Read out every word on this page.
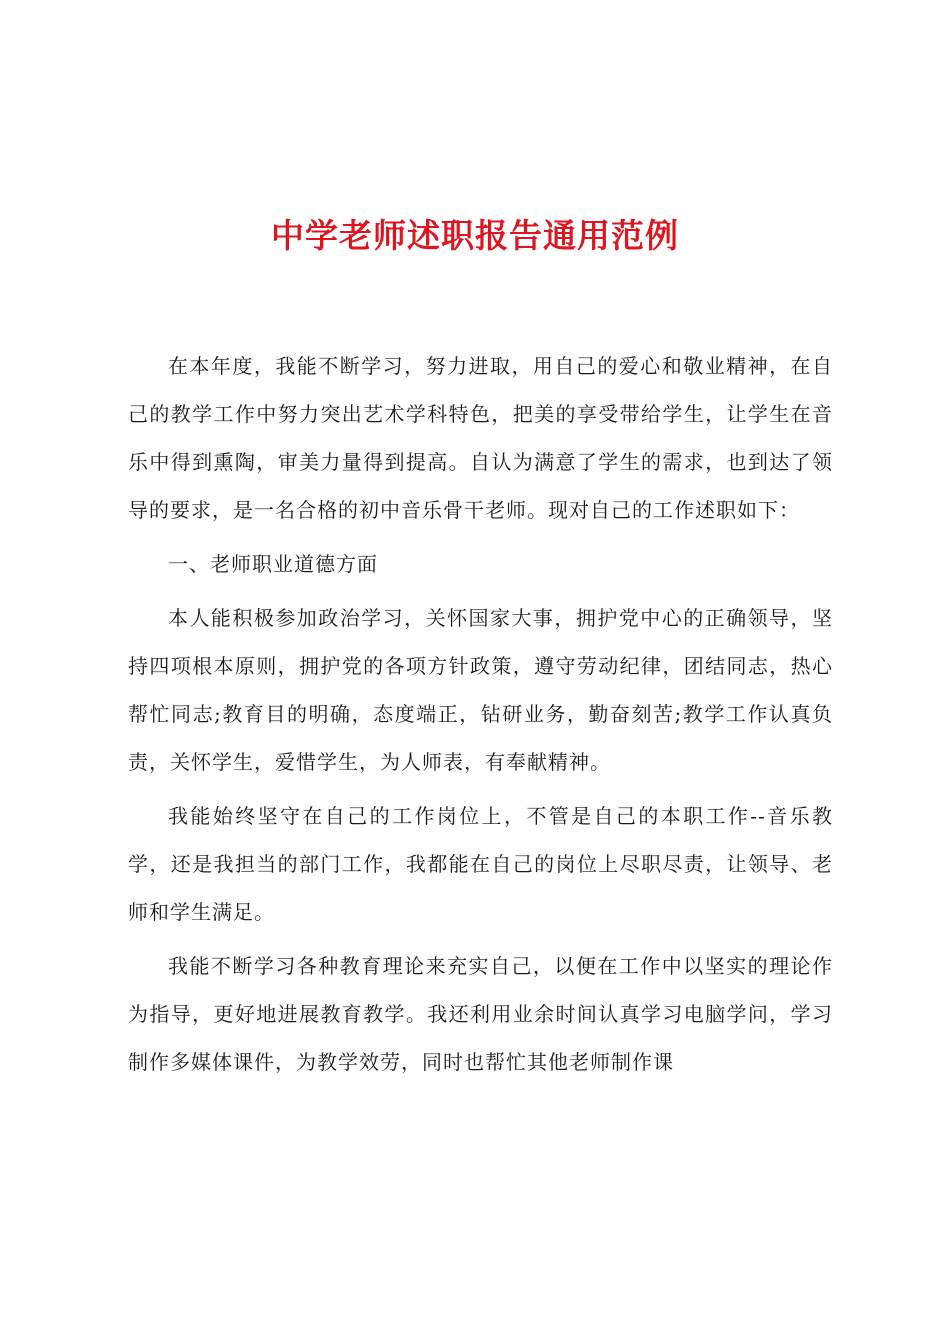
中学老师述职报告通用范例

在本年度，我能不断学习，努力进取，用自己的爱心和敬业精神，在自己的教学工作中努力突出艺术学科特色，把美的享受带给学生，让学生在音乐中得到熏陶，审美力量得到提高。自认为满意了学生的需求，也到达了领导的要求，是一名合格的初中音乐骨干老师。现对自己的工作述职如下：

一、老师职业道德方面

本人能积极参加政治学习，关怀国家大事，拥护党中心的正确领导，坚持四项根本原则，拥护党的各项方针政策，遵守劳动纪律，团结同志，热心帮忙同志;教育目的明确，态度端正，钻研业务，勤奋刻苦;教学工作认真负责，关怀学生，爱惜学生，为人师表，有奉献精神。

我能始终坚守在自己的工作岗位上，不管是自己的本职工作--音乐教学，还是我担当的部门工作，我都能在自己的岗位上尽职尽责，让领导、老师和学生满足。

我能不断学习各种教育理论来充实自己，以便在工作中以坚实的理论作为指导，更好地进展教育教学。我还利用业余时间认真学习电脑学问，学习制作多媒体课件，为教学效劳，同时也帮忙其他老师制作课
